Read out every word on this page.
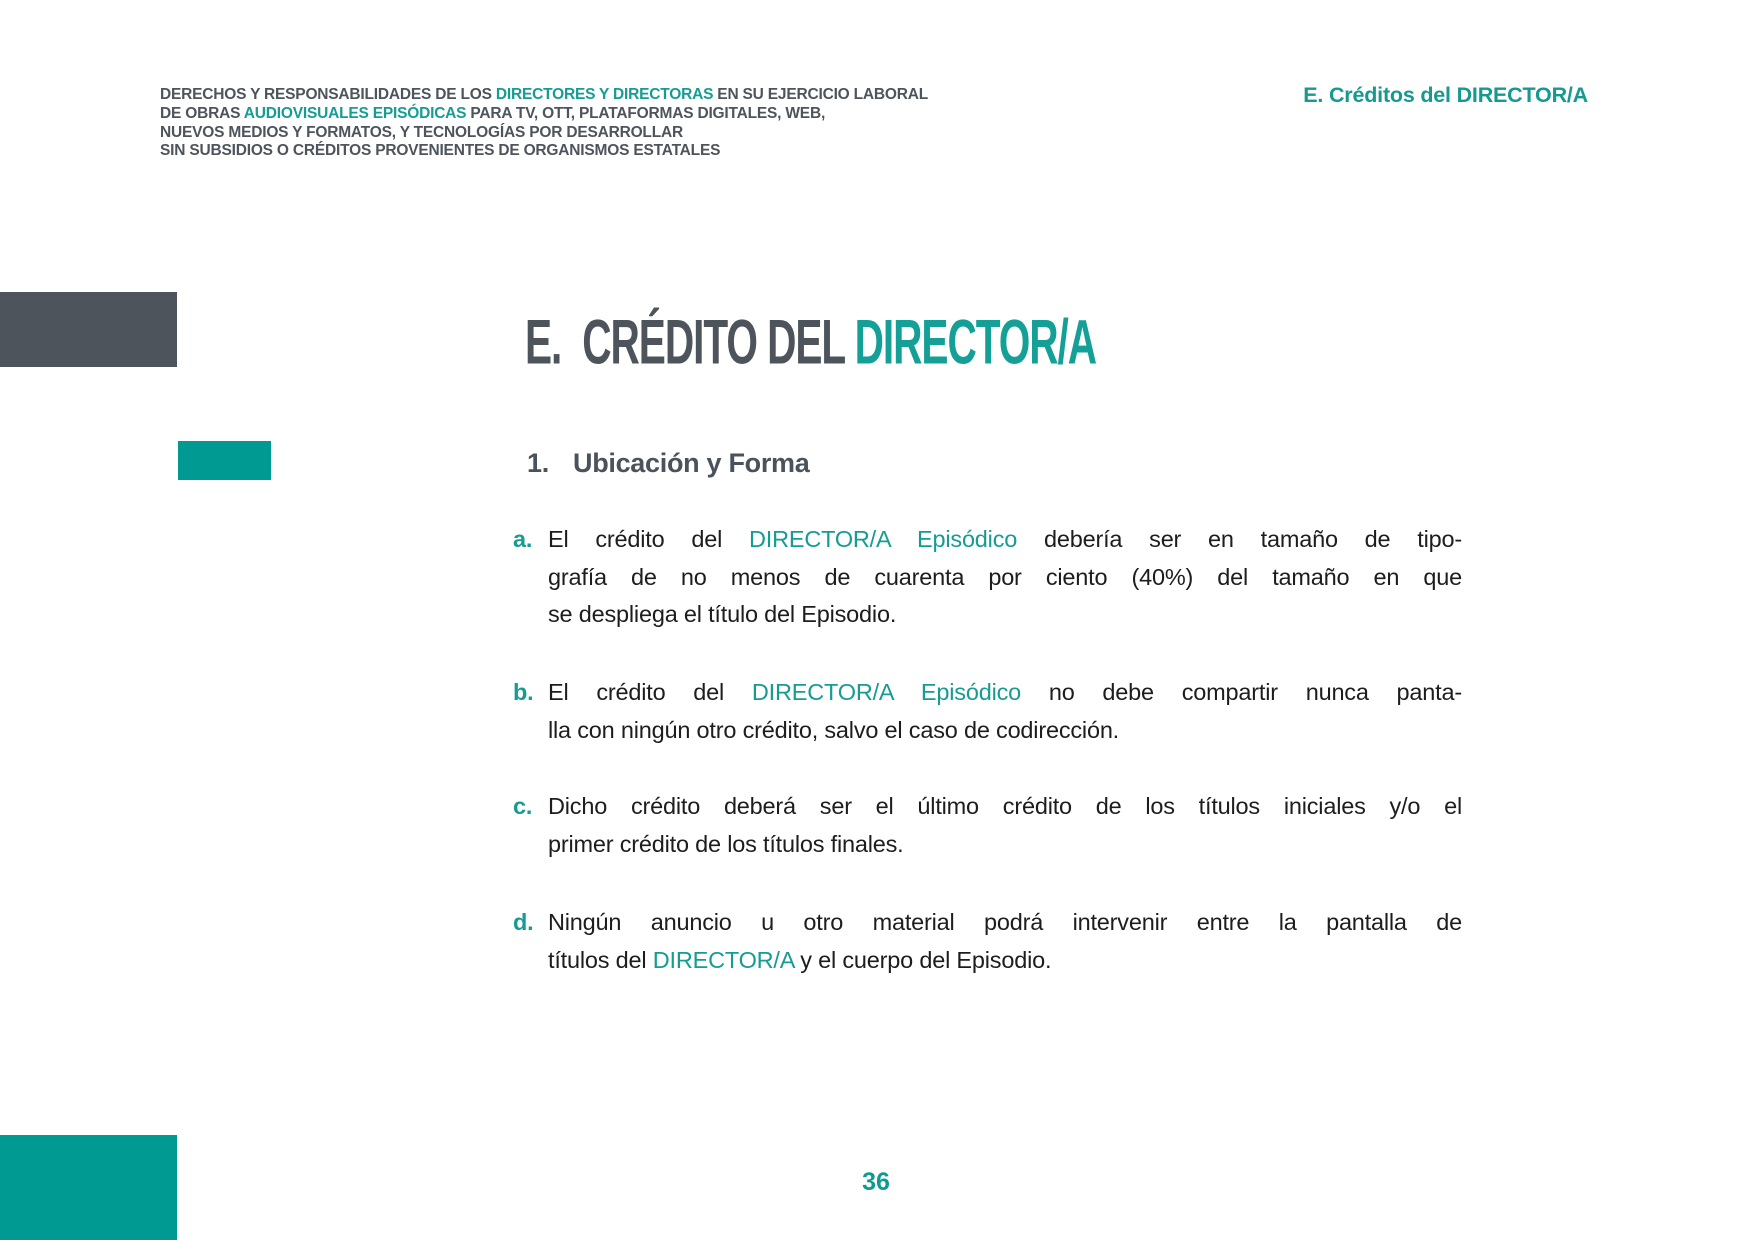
DERECHOS Y RESPONSABILIDADES DE LOS DIRECTORES Y DIRECTORAS EN SU EJERCICIO LABORAL
DE OBRAS AUDIOVISUALES EPISÓDICAS PARA TV, OTT, PLATAFORMAS DIGITALES, WEB,
NUEVOS MEDIOS Y FORMATOS, Y TECNOLOGÍAS POR DESARROLLAR
SIN SUBSIDIOS O CRÉDITOS PROVENIENTES DE ORGANISMOS ESTATALES
E. Créditos del DIRECTOR/A
E. CRÉDITO DEL DIRECTOR/A
1. Ubicación y Forma
a. El crédito del DIRECTOR/A Episódico debería ser en tamaño de tipo-
grafía de no menos de cuarenta por ciento (40%) del tamaño en que
se despliega el título del Episodio.
b. El crédito del DIRECTOR/A Episódico no debe compartir nunca panta-
lla con ningún otro crédito, salvo el caso de codirección.
c. Dicho crédito deberá ser el último crédito de los títulos iniciales y/o el
primer crédito de los títulos finales.
d. Ningún anuncio u otro material podrá intervenir entre la pantalla de
títulos del DIRECTOR/A y el cuerpo del Episodio.
36
